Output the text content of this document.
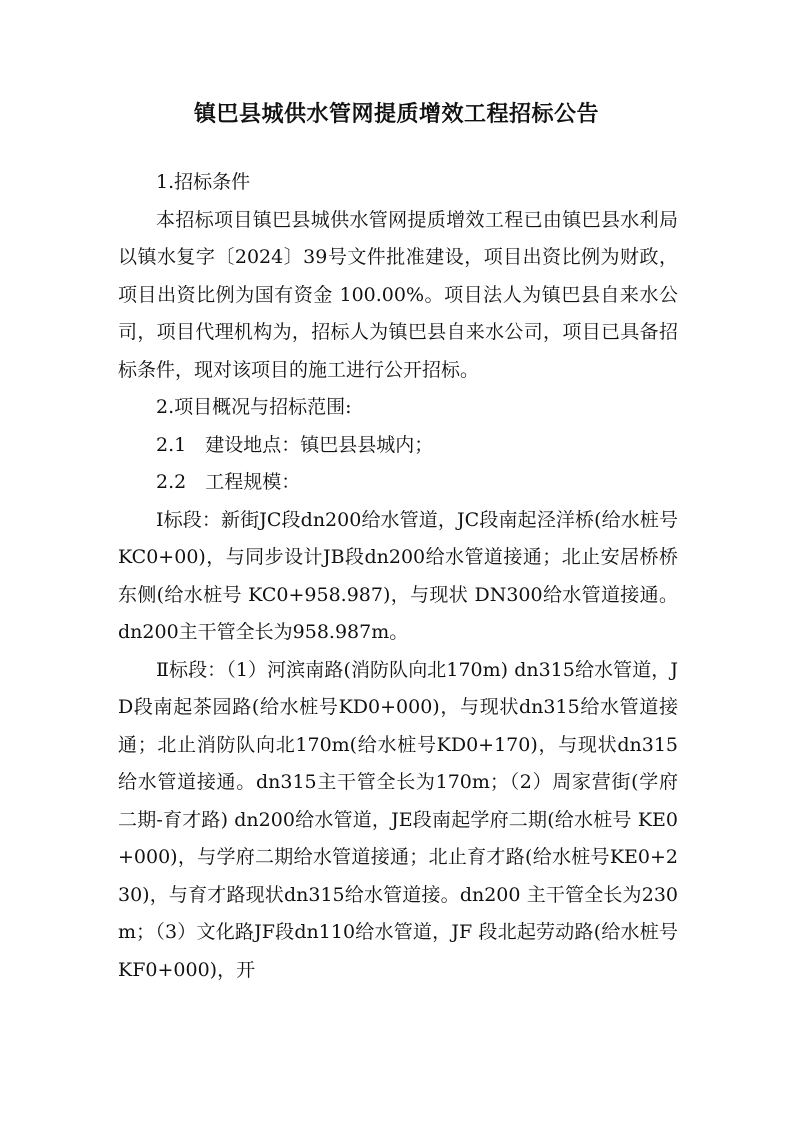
镇巴县城供水管网提质增效工程招标公告

1.招标条件

本招标项目镇巴县城供水管网提质增效工程已由镇巴县水利局以镇水复字〔2024〕39号文件批准建设，项目出资比例为财政，项目出资比例为国有资金 100.00%。项目法人为镇巴县自来水公司，项目代理机构为，招标人为镇巴县自来水公司，项目已具备招标条件，现对该项目的施工进行公开招标。

2.项目概况与招标范围:

2.1　建设地点：镇巴县县城内；

2.2　工程规模：

Ⅰ标段：新街JC段dn200给水管道，JC段南起泾洋桥(给水桩号KC0+00)，与同步设计JB段dn200给水管道接通；北止安居桥桥东侧(给水桩号 KC0+958.987)，与现状 DN300给水管道接通。dn200主干管全长为958.987m。

Ⅱ标段：（1）河滨南路(消防队向北170m) dn315给水管道，JD段南起茶园路(给水桩号KD0+000)，与现状dn315给水管道接通；北止消防队向北170m(给水桩号KD0+170)，与现状dn315给水管道接通。dn315主干管全长为170m；（2）周家营街(学府二期-育才路) dn200给水管道，JE段南起学府二期(给水桩号 KE0+000)，与学府二期给水管道接通；北止育才路(给水桩号KE0+230)，与育才路现状dn315给水管道接。dn200 主干管全长为230m；（3）文化路JF段dn110给水管道，JF 段北起劳动路(给水桩号 KF0+000)，开
